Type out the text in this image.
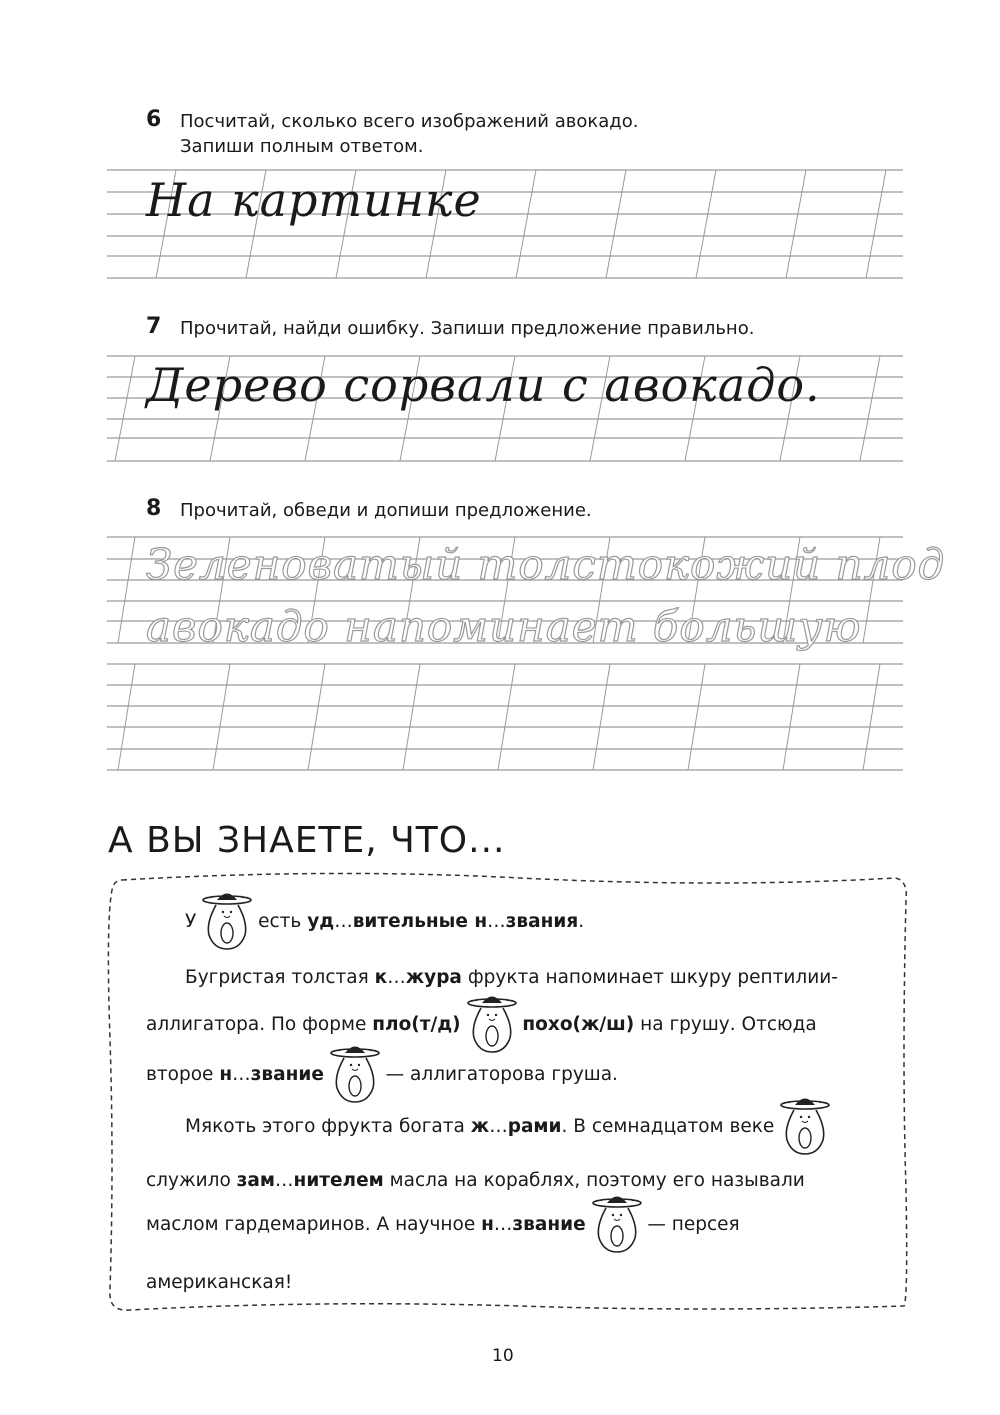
6 Посчитай, сколько всего изображений авокадо.
Запиши полным ответом.
7 Прочитай, найди ошибку. Запиши предложение правильно.
8 Прочитай, обведи и допиши предложение.
На картинке
Дерево сорвали с авокадо.
Зеленоватый толстокожий плод
авокадо напоминает большую
А ВЫ ЗНАЕТЕ, ЧТО...
У	есть уд…вительные н…звания.
Бугристая толстая к…жура фрукта напоминает шкуру рептилии-
аллигатора. По форме пло(т/д)	похо(ж/ш) на грушу. Отсюда
второе н…звание	— аллигаторова груша.
Мякоть этого фрукта богата ж…рами. В семнадцатом веке
служило зам…нителем масла на кораблях, поэтому его называли
маслом гардемаринов. А научное н…звание	— персея
американская!
10
